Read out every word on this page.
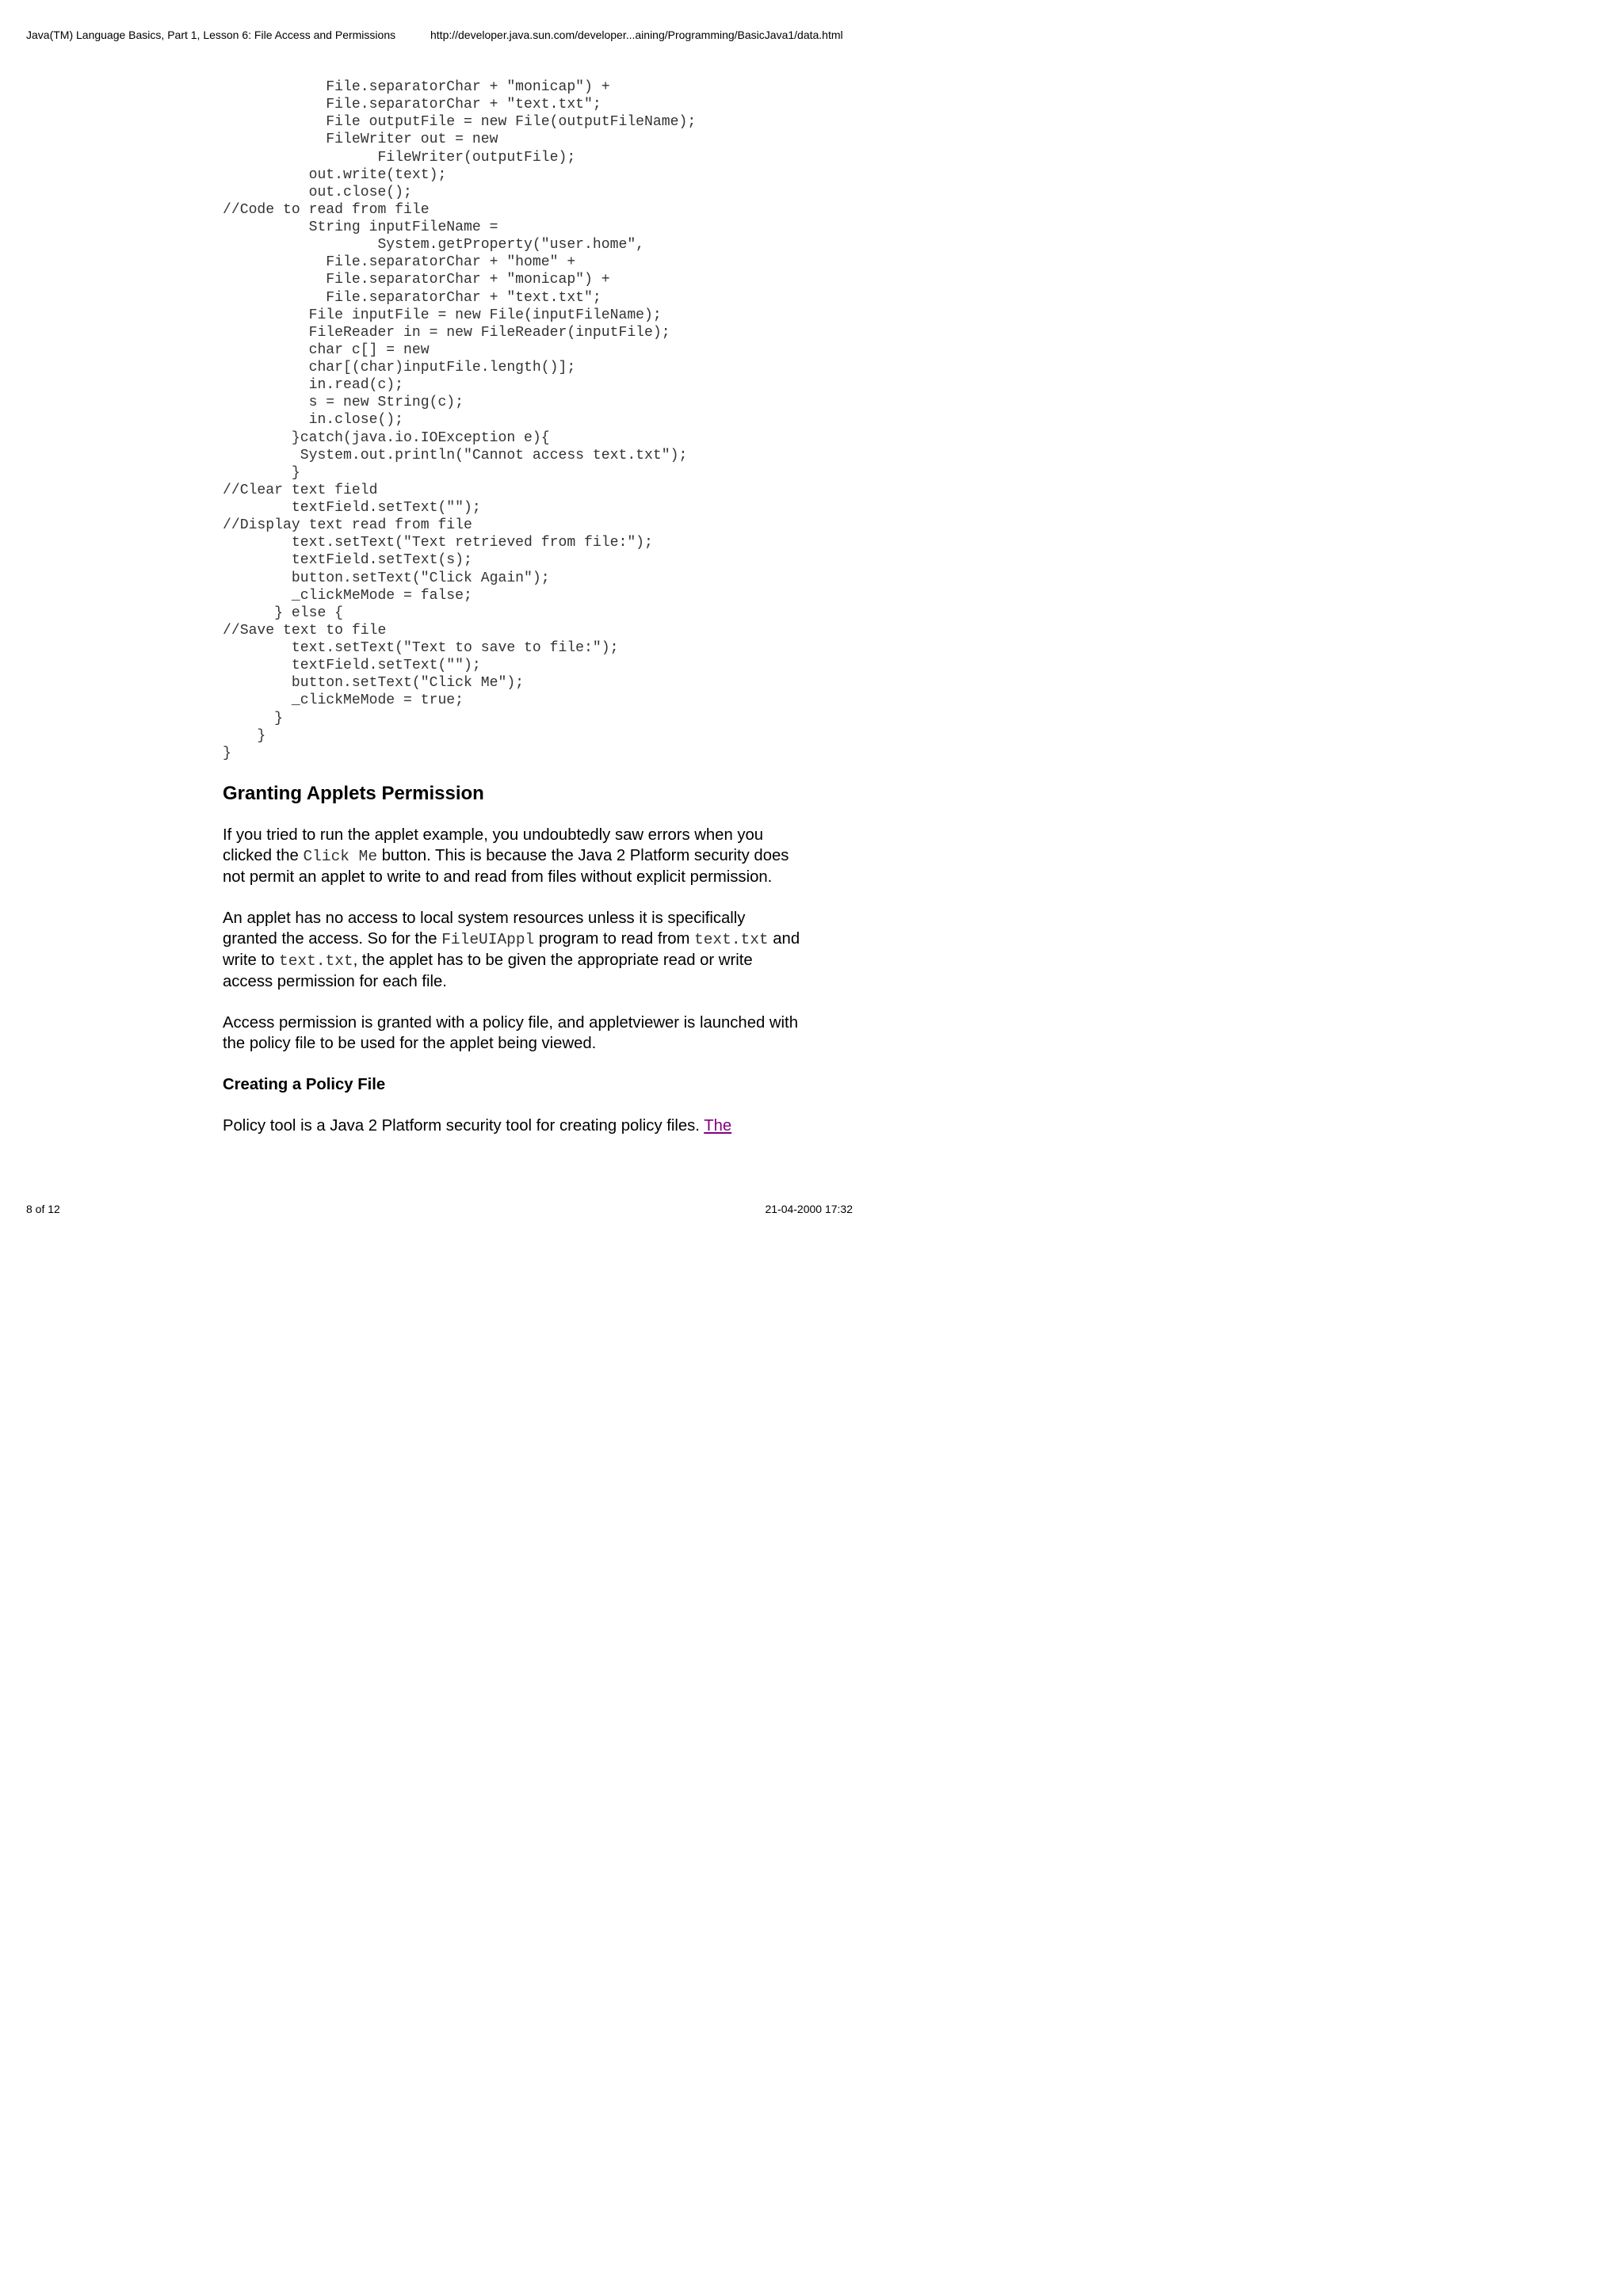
Java(TM) Language Basics, Part 1, Lesson 6: File Access and Permissions	http://developer.java.sun.com/developer...aining/Programming/BasicJava1/data.html
File.separatorChar + "monicap") +
File.separatorChar + "text.txt";
File outputFile = new File(outputFileName);
FileWriter out = new
FileWriter(outputFile);
out.write(text);
out.close();
//Code to read from file
String inputFileName =
System.getProperty("user.home",
File.separatorChar + "home" +
File.separatorChar + "monicap") +
File.separatorChar + "text.txt";
File inputFile = new File(inputFileName);
FileReader in = new FileReader(inputFile);
char c[] = new
char[(char)inputFile.length()];
in.read(c);
s = new String(c);
in.close();
}catch(java.io.IOException e){
System.out.println("Cannot access text.txt");
}
//Clear text field
textField.setText("");
//Display text read from file
text.setText("Text retrieved from file:");
textField.setText(s);
button.setText("Click Again");
_clickMeMode = false;
} else {
//Save text to file
text.setText("Text to save to file:");
textField.setText("");
button.setText("Click Me");
_clickMeMode = true;
}
}
}
Granting Applets Permission

If you tried to run the applet example, you undoubtedly saw errors when you clicked the Click Me button. This is because the Java 2 Platform security does not permit an applet to write to and read from files without explicit permission.

An applet has no access to local system resources unless it is specifically granted the access. So for the FileUIAppl program to read from text.txt and write to text.txt, the applet has to be given the appropriate read or write access permission for each file.

Access permission is granted with a policy file, and appletviewer is launched with the policy file to be used for the applet being viewed.

Creating a Policy File

Policy tool is a Java 2 Platform security tool for creating policy files. The

8 of 12	21-04-2000 17:32
